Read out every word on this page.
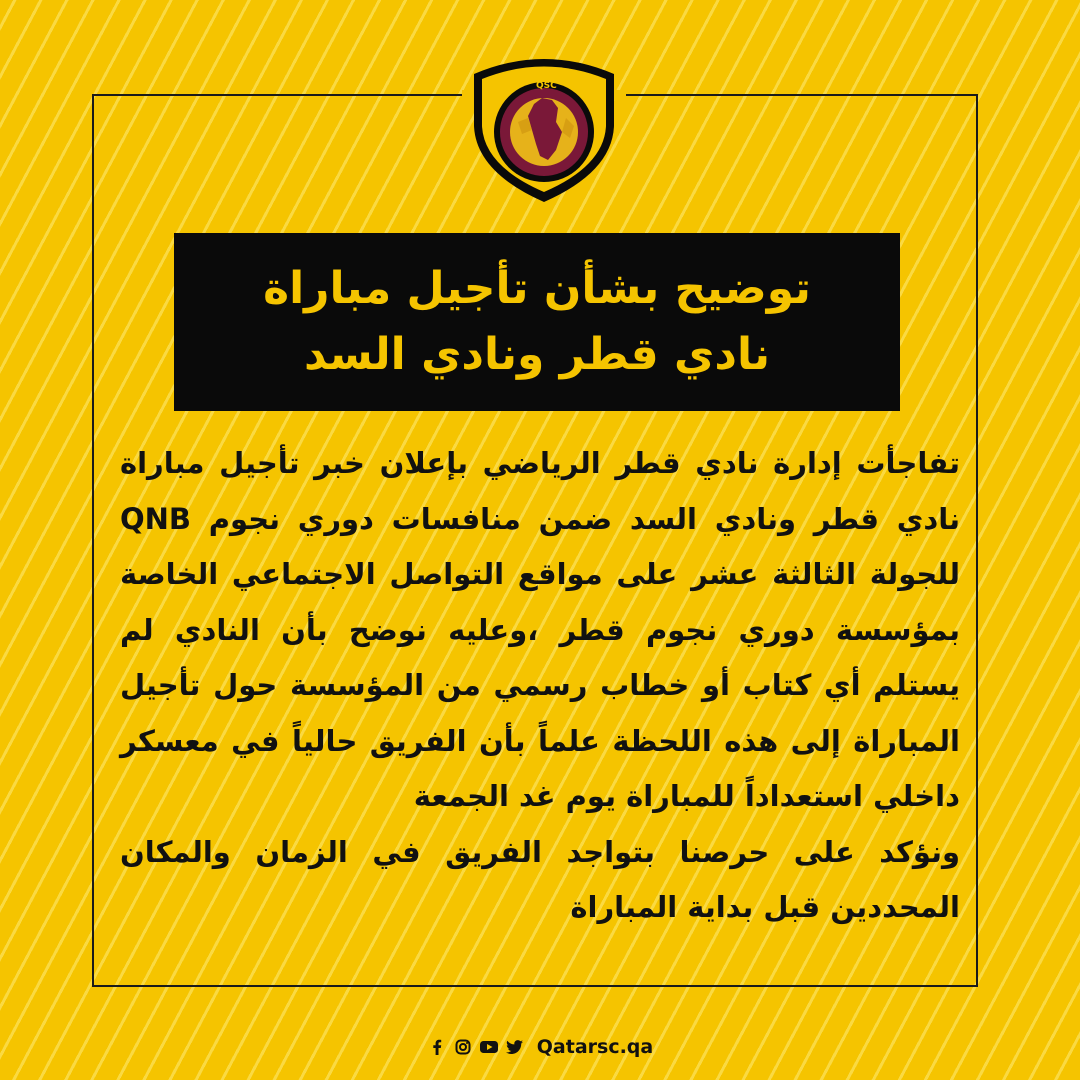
QSC
توضيح بشأن تأجيل مباراة
نادي قطر ونادي السد

تفاجأت إدارة نادي قطر الرياضي بإعلان خبر تأجيل مباراة نادي قطر ونادي السد ضمن منافسات دوري نجوم QNB للجولة الثالثة عشر على مواقع التواصل الاجتماعي الخاصة بمؤسسة دوري نجوم قطر ،وعليه نوضح بأن النادي لم يستلم أي كتاب أو خطاب رسمي من المؤسسة حول تأجيل المباراة إلى هذه اللحظة علماً بأن الفريق حالياً في معسكر داخلي استعداداً للمباراة يوم غد الجمعة

ونؤكد على حرصنا بتواجد الفريق في الزمان والمكان المحددين قبل بداية المباراة

Qatarsc.qa
